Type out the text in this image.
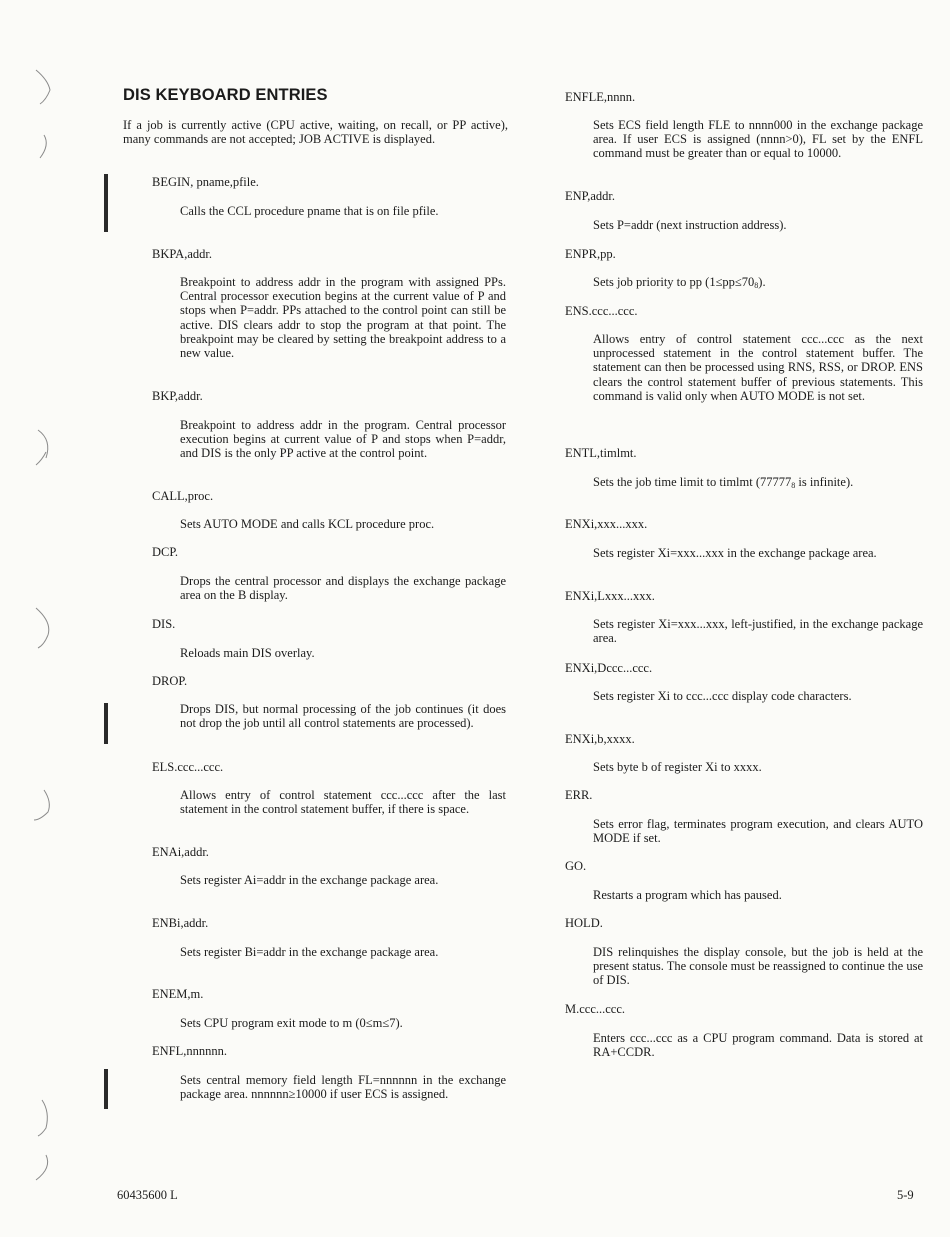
DIS KEYBOARD ENTRIES

If a job is currently active (CPU active, waiting, on recall, or PP active), many commands are not accepted; JOB ACTIVE is displayed.

BEGIN, pname,pfile.

Calls the CCL procedure pname that is on file pfile.

BKPA,addr.

Breakpoint to address addr in the program with assigned PPs. Central processor execution begins at the current value of P and stops when P=addr. PPs attached to the control point can still be active. DIS clears addr to stop the program at that point. The breakpoint may be cleared by setting the breakpoint address to a new value.

BKP,addr.

Breakpoint to address addr in the program. Central processor execution begins at current value of P and stops when P=addr, and DIS is the only PP active at the control point.

CALL,proc.

Sets AUTO MODE and calls KCL procedure proc.

DCP.

Drops the central processor and displays the exchange package area on the B display.

DIS.

Reloads main DIS overlay.

DROP.

Drops DIS, but normal processing of the job continues (it does not drop the job until all control statements are processed).

ELS.ccc...ccc.

Allows entry of control statement ccc...ccc after the last statement in the control statement buffer, if there is space.

ENAi,addr.

Sets register Ai=addr in the exchange package area.

ENBi,addr.

Sets register Bi=addr in the exchange package area.

ENEM,m.

Sets CPU program exit mode to m (0≤m≤7).

ENFL,nnnnnn.

Sets central memory field length FL=nnnnnn in the exchange package area. nnnnnn≥10000 if user ECS is assigned.

ENFLE,nnnn.

Sets ECS field length FLE to nnnn000 in the exchange package area. If user ECS is assigned (nnnn>0), FL set by the ENFL command must be greater than or equal to 10000.

ENP,addr.

Sets P=addr (next instruction address).

ENPR,pp.

Sets job priority to pp $(1\le pp\le 70_8)$.

ENS.ccc...ccc.

Allows entry of control statement ccc...ccc as the next unprocessed statement in the control statement buffer. The statement can then be processed using RNS, RSS, or DROP. ENS clears the control statement buffer of previous statements. This command is valid only when AUTO MODE is not set.

ENTL,timlmt.

Sets the job time limit to timlmt ($77777_8$ is infinite).

ENXi,xxx...xxx.

Sets register Xi=xxx...xxx in the exchange package area.

ENXi,Lxxx...xxx.

Sets register Xi=xxx...xxx, left-justified, in the exchange package area.

ENXi,Dccc...ccc.

Sets register Xi to ccc...ccc display code characters.

ENXi,b,xxxx.

Sets byte b of register Xi to xxxx.

ERR.

Sets error flag, terminates program execution, and clears AUTO MODE if set.

GO.

Restarts a program which has paused.

HOLD.

DIS relinquishes the display console, but the job is held at the present status. The console must be reassigned to continue the use of DIS.

M.ccc...ccc.

Enters ccc...ccc as a CPU program command. Data is stored at RA+CCDR.

60435600 L	5-9
